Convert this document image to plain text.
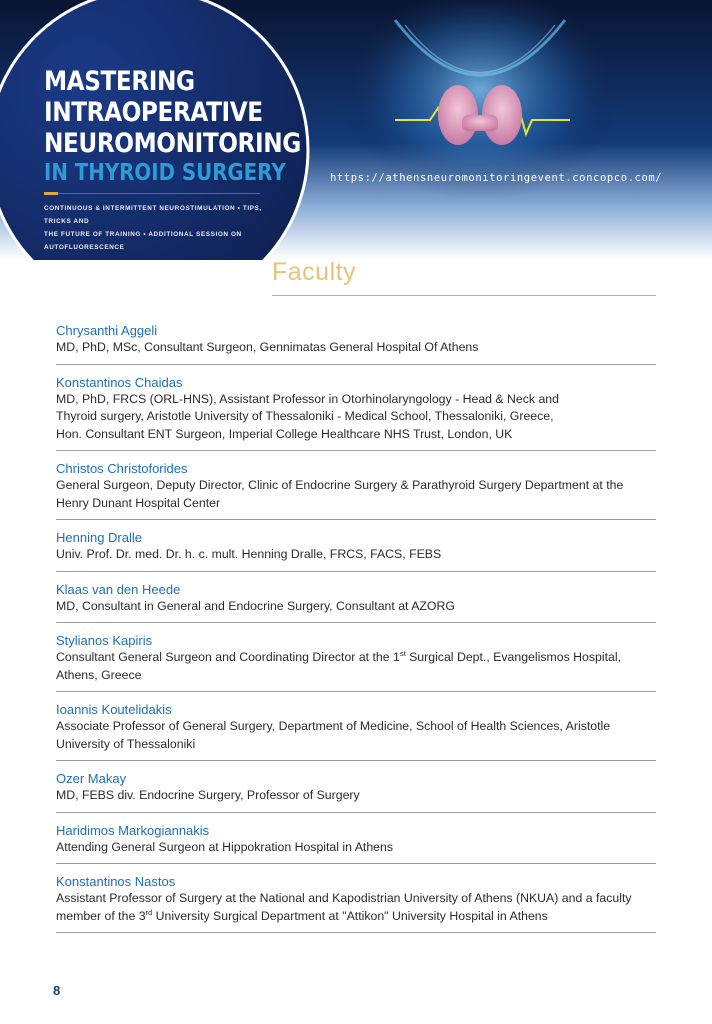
MASTERING
INTRAOPERATIVE
NEUROMONITORING
IN THYROID SURGERY
CONTINUOUS & INTERMITTENT NEUROSTIMULATION • TIPS, TRICKS AND
THE FUTURE OF TRAINING • ADDITIONAL SESSION ON AUTOFLUORESCENCE
https://athensneuromonitoringevent.concopco.com/
Faculty
Chrysanthi Aggeli
MD, PhD, MSc, Consultant Surgeon, Gennimatas General Hospital Of Athens
Konstantinos Chaidas
MD, PhD, FRCS (ORL-HNS), Assistant Professor in Otorhinolaryngology - Head & Neck and
Thyroid surgery, Aristotle University of Thessaloniki - Medical School, Thessaloniki, Greece,
Hon. Consultant ENT Surgeon, Imperial College Healthcare NHS Trust, London, UK
Christos Christoforides
General Surgeon, Deputy Director, Clinic of Endocrine Surgery & Parathyroid Surgery Department at the
Henry Dunant Hospital Center
Henning Dralle
Univ. Prof. Dr. med. Dr. h. c. mult. Henning Dralle, FRCS, FACS, FEBS
Klaas van den Heede
MD, Consultant in General and Endocrine Surgery, Consultant at AZORG
Stylianos Kapiris
Consultant General Surgeon and Coordinating Director at the 1st Surgical Dept., Evangelismos Hospital,
Athens, Greece
Ioannis Koutelidakis
Associate Professor of General Surgery, Department of Medicine, School of Health Sciences, Aristotle
University of Thessaloniki
Ozer Makay
MD, FEBS div. Endocrine Surgery, Professor of Surgery
Haridimos Markogiannakis
Attending General Surgeon at Hippokration Hospital in Athens
Konstantinos Nastos
Assistant Professor of Surgery at the National and Kapodistrian University of Athens (NKUA) and a faculty
member of the 3rd University Surgical Department at "Attikon" University Hospital in Athens
8
